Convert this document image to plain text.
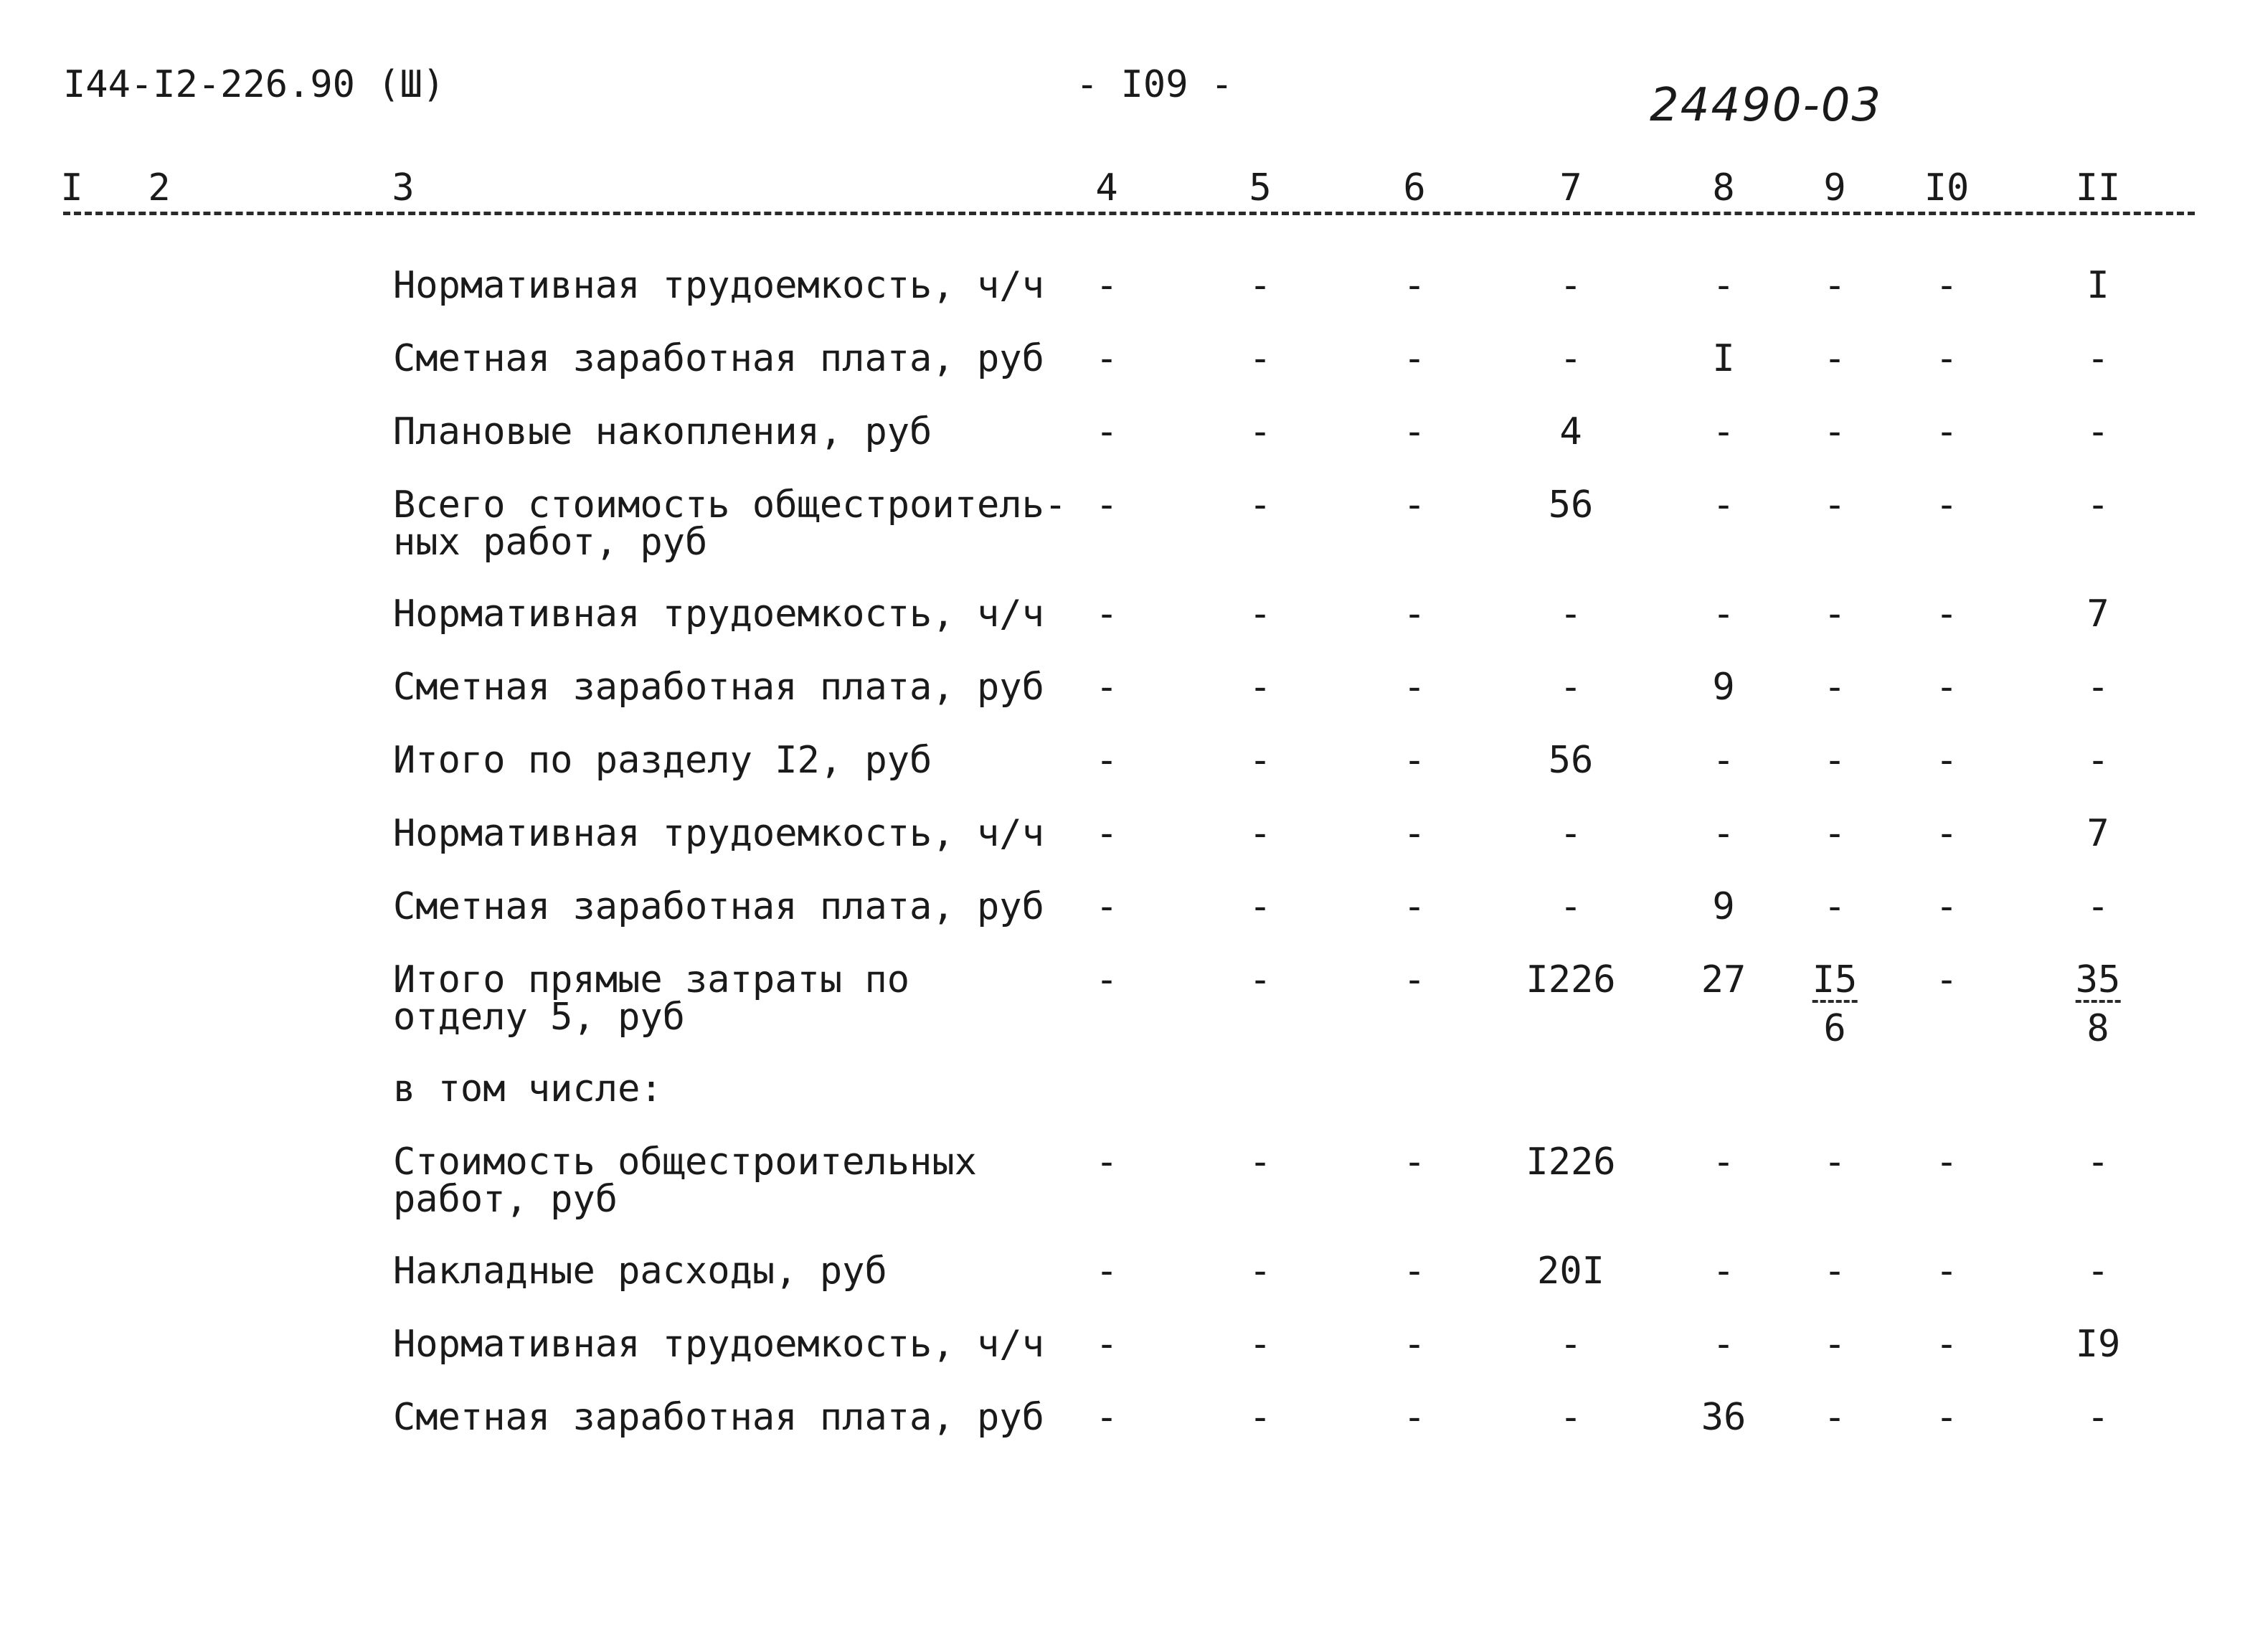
I44-I2-226.90 (Ш)	- I09 -	24490-03
I 2	3	4	5	6	7	8 9 I0	II
Нормативная трудоемкость, ч/ч	-	-	-	-	- - -	I
Сметная заработная плата, руб	-	-	-	-	I - -	-
Плановые накопления, руб	-	-	-	4	- - -	-
Всего стоимость общестроитель-
ных работ, руб
-	-	-	56	- - -	-
Нормативная трудоемкость, ч/ч	-	-	-	-	- - -	7
Сметная заработная плата, руб	-	-	-	-	9 - -	-
Итого по разделу I2, руб	-	-	-	56	- - -	-
Нормативная трудоемкость, ч/ч	-	-	-	-	- - -	7
Сметная заработная плата, руб	-	-	-	-	9 - -	-
Итого прямые затраты по
отделу 5, руб
-	-	-	I226 $27 \frac{I5}{6}$ -	$\frac{35}{8}$
в том числе:
Стоимость общестроительных
работ, руб
-	-	-	I226	- - -	-
Накладные расходы, руб	-	-	-	20I	- - -	-
Нормативная трудоемкость, ч/ч	-	-	-	-	- - -	I9
Сметная заработная плата, руб	-	-	-	-	36 - -	-
